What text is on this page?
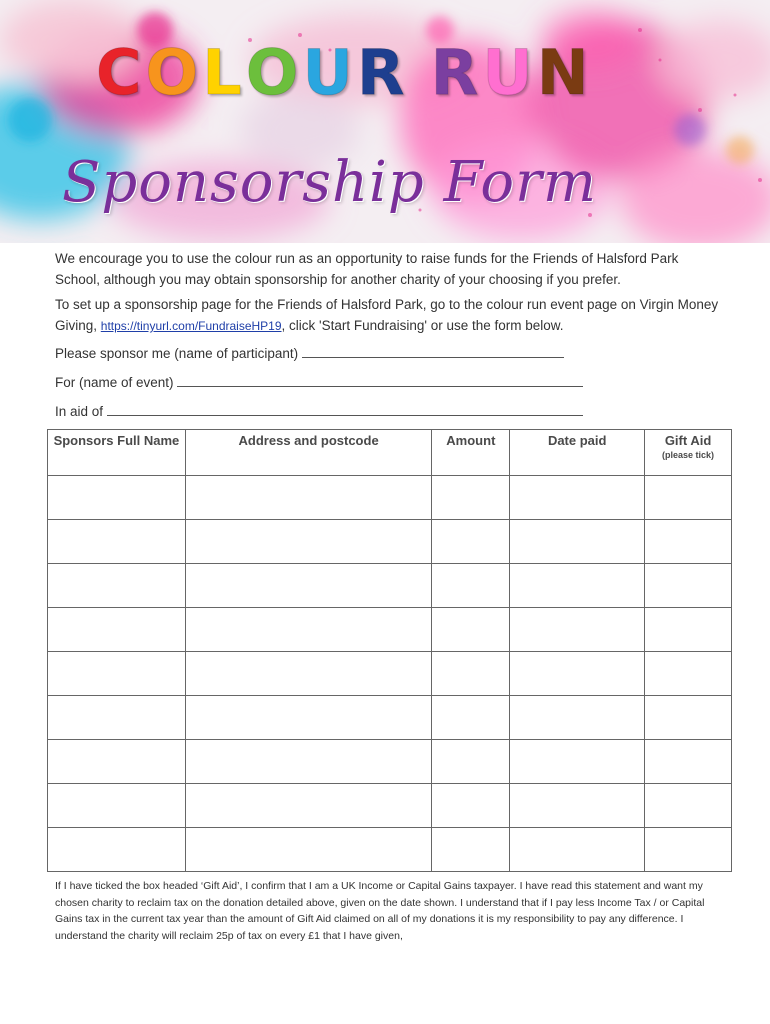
C O L O U R R U N
Sponsorship Form
We encourage you to use the colour run as an opportunity to raise funds for the Friends of Halsford Park School, although you may obtain sponsorship for another charity of your choosing if you prefer.
To set up a sponsorship page for the Friends of Halsford Park, go to the colour run event page on Virgin Money Giving, https://tinyurl.com/FundraiseHP19, click 'Start Fundraising' or use the form below.
Please sponsor me (name of participant)
For (name of event)
In aid of
Sponsors Full Name	Address and postcode	Amount	Date paid	Gift Aid
(please tick)

If I have ticked the box headed ‘Gift Aid’, I confirm that I am a UK Income or Capital Gains taxpayer. I have read this statement and want my chosen charity to reclaim tax on the donation detailed above, given on the date shown. I understand that if I pay less Income Tax / or Capital Gains tax in the current tax year than the amount of Gift Aid claimed on all of my donations it is my responsibility to pay any difference. I understand the charity will reclaim 25p of tax on every £1 that I have given,
